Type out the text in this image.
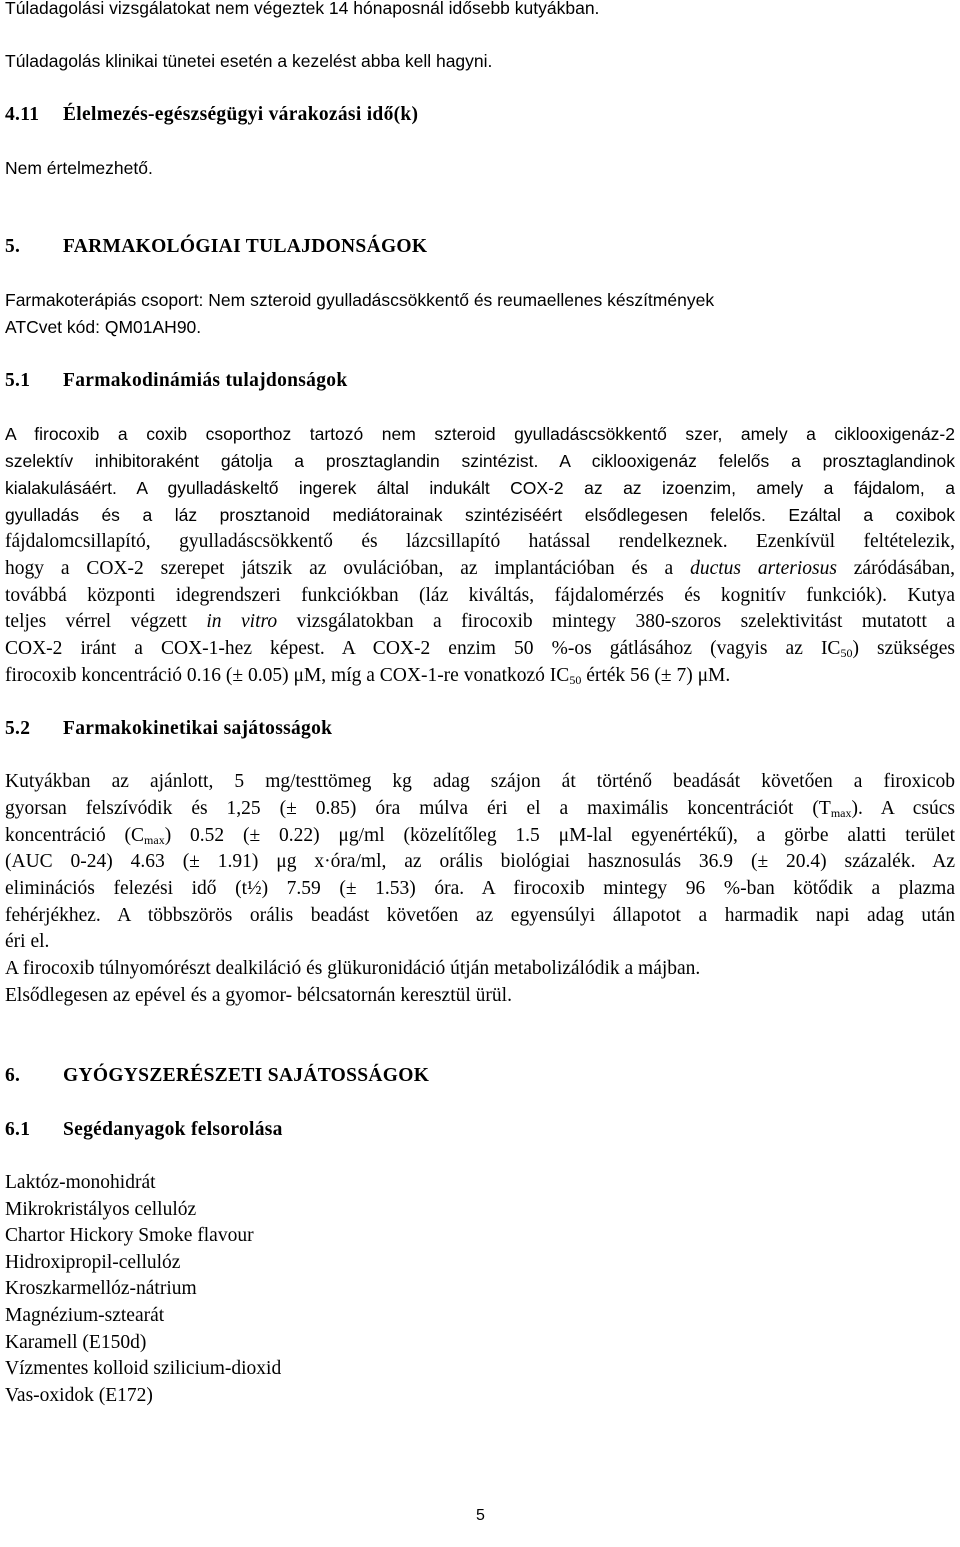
Túladagolási vizsgálatokat nem végeztek 14 hónaposnál idősebb kutyákban.

Túladagolás klinikai tünetei esetén a kezelést abba kell hagyni.

4.11 Élelmezés-egészségügyi várakozási idő(k)

Nem értelmezhető.

5. FARMAKOLÓGIAI TULAJDONSÁGOK

Farmakoterápiás csoport: Nem szteroid gyulladáscsökkentő és reumaellenes készítmények

ATCvet kód: QM01AH90.

5.1 Farmakodinámiás tulajdonságok

A firocoxib a coxib csoporthoz tartozó nem szteroid gyulladáscsökkentő szer, amely a ciklooxigenáz-2

szelektív inhibitoraként gátolja a prosztaglandin szintézist. A ciklooxigenáz felelős a prosztaglandinok

kialakulásáért. A gyulladáskeltő ingerek által indukált COX-2 az az izoenzim, amely a fájdalom, a

gyulladás és a láz prosztanoid mediátorainak szintéziséért elsődlegesen felelős. Ezáltal a coxibok

fájdalomcsillapító, gyulladáscsökkentő és lázcsillapító hatással rendelkeznek. Ezenkívül feltételezik,

hogy a COX-2 szerepet játszik az ovulációban, az implantációban és a ductus arteriosus záródásában,

továbbá központi idegrendszeri funkciókban (láz kiváltás, fájdalomérzés és kognitív funkciók). Kutya

teljes vérrel végzett in vitro vizsgálatokban a firocoxib mintegy 380-szoros szelektivitást mutatott a

COX-2 iránt a COX-1-hez képest. A COX-2 enzim 50 %-os gátlásához (vagyis az $IC_{50}$) szükséges

firocoxib koncentráció 0.16 (± 0.05) μM, míg a COX-1-re vonatkozó $IC_{50}$ érték 56 (± 7) μM.

5.2 Farmakokinetikai sajátosságok

Kutyákban az ajánlott, 5 mg/testtömeg kg adag szájon át történő beadását követően a firoxicob

gyorsan felszívódik és 1,25 (± 0.85) óra múlva éri el a maximális koncentrációt $(T_{max})$. A csúcs

koncentráció $(C_{max})$ 0.52 (± 0.22) μg/ml (közelítőleg 1.5 μM-lal egyenértékű), a görbe alatti terület

(AUC 0-24) 4.63 (± 1.91) μg x·óra/ml, az orális biológiai hasznosulás 36.9 (± 20.4) százalék. Az

eliminációs felezési idő (t½) 7.59 (± 1.53) óra. A firocoxib mintegy 96 %-ban kötődik a plazma

fehérjékhez. A többszörös orális beadást követően az egyensúlyi állapotot a harmadik napi adag után

éri el.

A firocoxib túlnyomórészt dealkiláció és glükuronidáció útján metabolizálódik a májban.

Elsődlegesen az epével és a gyomor- bélcsatornán keresztül ürül.

6. GYÓGYSZERÉSZETI SAJÁTOSSÁGOK

6.1 Segédanyagok felsorolása

Laktóz-monohidrát

Mikrokristályos cellulóz

Chartor Hickory Smoke flavour

Hidroxipropil-cellulóz

Kroszkarmellóz-nátrium

Magnézium-sztearát

Karamell (E150d)

Vízmentes kolloid szilicium-dioxid

Vas-oxidok (E172)

5
